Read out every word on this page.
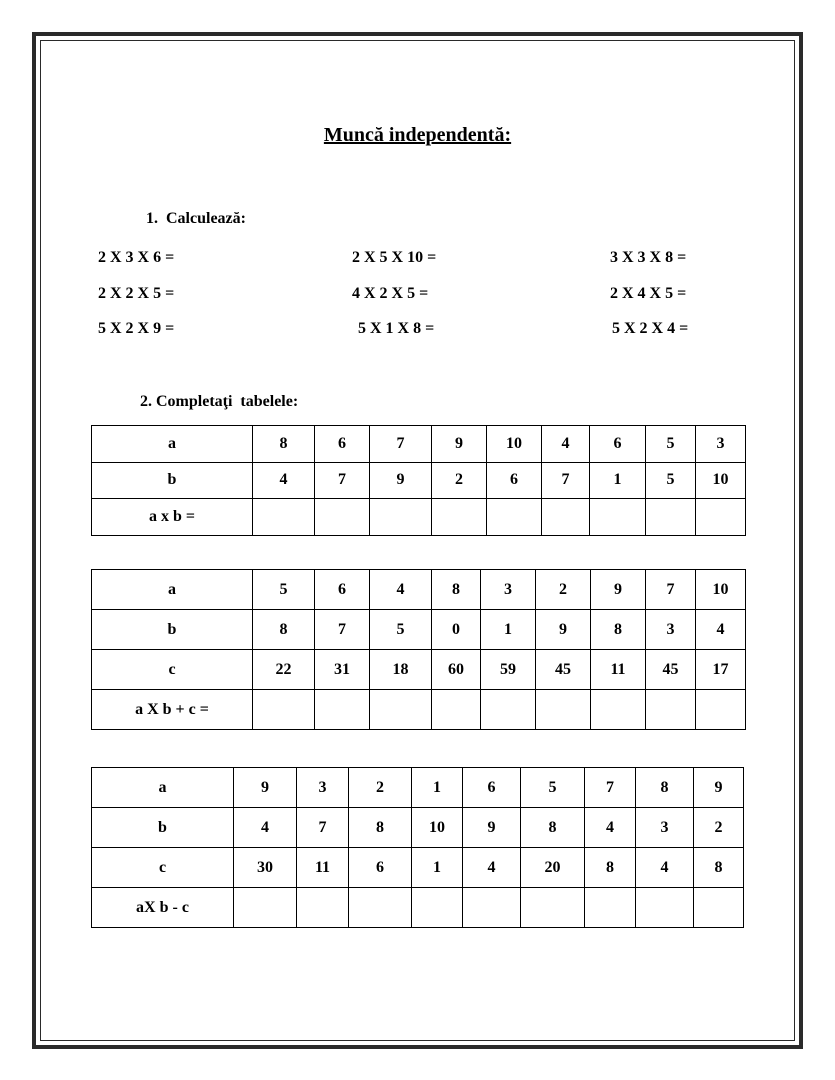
Muncă independentă:
1.  Calculează:
2 X 3 X 6 =	2 X 5 X 10 =	3 X 3 X 8 =
2 X 2 X 5 =	4 X 2 X 5 =	2 X 4 X 5 =
5 X 2 X 9 =	5 X 1 X 8 =	5 X 2 X 4 =
2. Completaţi  tabelele:
a	8	6	7	9	10	4	6	5	3
b	4	7	9	2	6	7	1	5	10
a x b =									
a	5	6	4	8	3	2	9	7	10
b	8	7	5	0	1	9	8	3	4
c	22	31	18	60	59	45	11	45	17
a X b + c =									
a	9	3	2	1	6	5	7	8	9
b	4	7	8	10	9	8	4	3	2
c	30	11	6	1	4	20	8	4	8
aX b - c									
